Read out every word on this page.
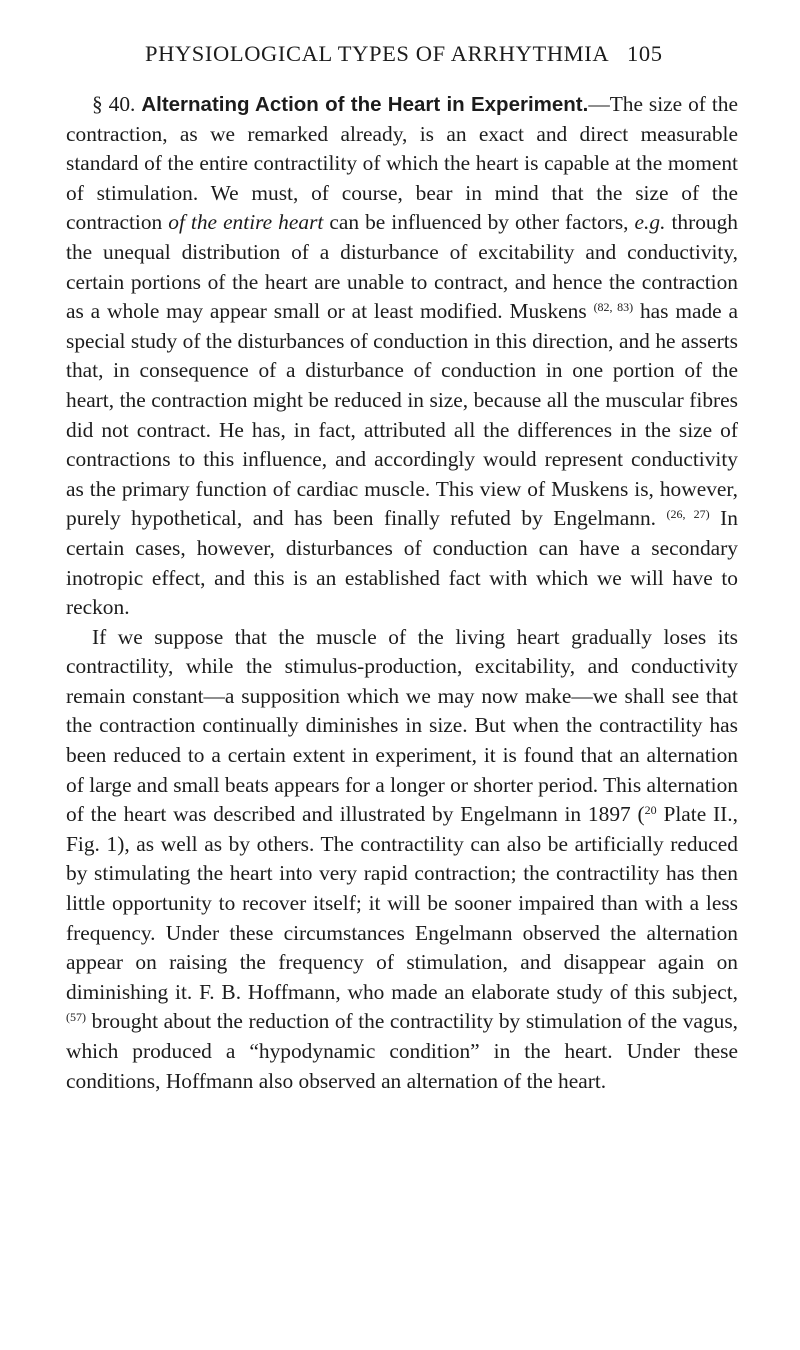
PHYSIOLOGICAL TYPES OF ARRHYTHMIA 105

§ 40. Alternating Action of the Heart in Experiment.—The size of the contraction, as we remarked already, is an exact and direct measurable standard of the entire contractility of which the heart is capable at the moment of stimulation. We must, of course, bear in mind that the size of the contraction of the entire heart can be influenced by other factors, e.g. through the unequal distribution of a disturbance of excitability and conductivity, certain portions of the heart are unable to contract, and hence the contraction as a whole may appear small or at least modified. Muskens $^{(82, 83)}$ has made a special study of the disturbances of conduction in this direction, and he asserts that, in consequence of a disturbance of conduction in one portion of the heart, the contraction might be reduced in size, because all the muscular fibres did not contract. He has, in fact, attributed all the differences in the size of contractions to this influence, and accordingly would represent conductivity as the primary function of cardiac muscle. This view of Muskens is, however, purely hypothetical, and has been finally refuted by Engelmann. $^{(26, 27)}$ In certain cases, however, disturbances of conduction can have a secondary inotropic effect, and this is an established fact with which we will have to reckon.

If we suppose that the muscle of the living heart gradually loses its contractility, while the stimulus-production, excitability, and conductivity remain constant—a supposition which we may now make—we shall see that the contraction continually diminishes in size. But when the contractility has been reduced to a certain extent in experiment, it is found that an alternation of large and small beats appears for a longer or shorter period. This alternation of the heart was described and illustrated by Engelmann in 1897 ($^{20}$ Plate II., Fig. 1), as well as by others. The contractility can also be artificially reduced by stimulating the heart into very rapid contraction; the contractility has then little opportunity to recover itself; it will be sooner impaired than with a less frequency. Under these circumstances Engelmann observed the alternation appear on raising the frequency of stimulation, and disappear again on diminishing it. F. B. Hoffmann, who made an elaborate study of this subject, $^{(57)}$ brought about the reduction of the contractility by stimulation of the vagus, which produced a “hypodynamic condition” in the heart. Under these conditions, Hoffmann also observed an alternation of the heart.
